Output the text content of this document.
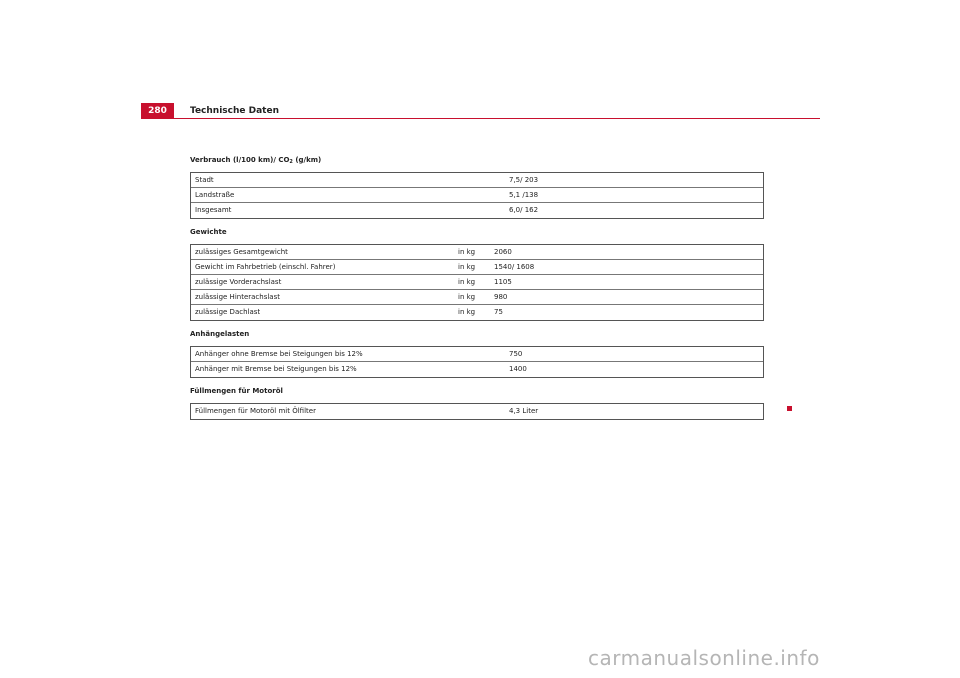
280	Technische Daten
Verbrauch (l/100 km)/ $CO_2$ (g/km)
Stadt	7,5/ 203
Landstraße	5,1 /138
Insgesamt	6,0/ 162
Gewichte
zulässiges Gesamtgewicht	in kg	2060
Gewicht im Fahrbetrieb (einschl. Fahrer)	in kg	1540/ 1608
zulässige Vorderachslast	in kg	1105
zulässige Hinterachslast	in kg	980
zulässige Dachlast	in kg	75
Anhängelasten
Anhänger ohne Bremse bei Steigungen bis 12%	750
Anhänger mit Bremse bei Steigungen bis 12%	1400
Füllmengen für Motoröl
Füllmengen für Motoröl mit Ölfilter	4,3 Liter
carmanualsonline.info
